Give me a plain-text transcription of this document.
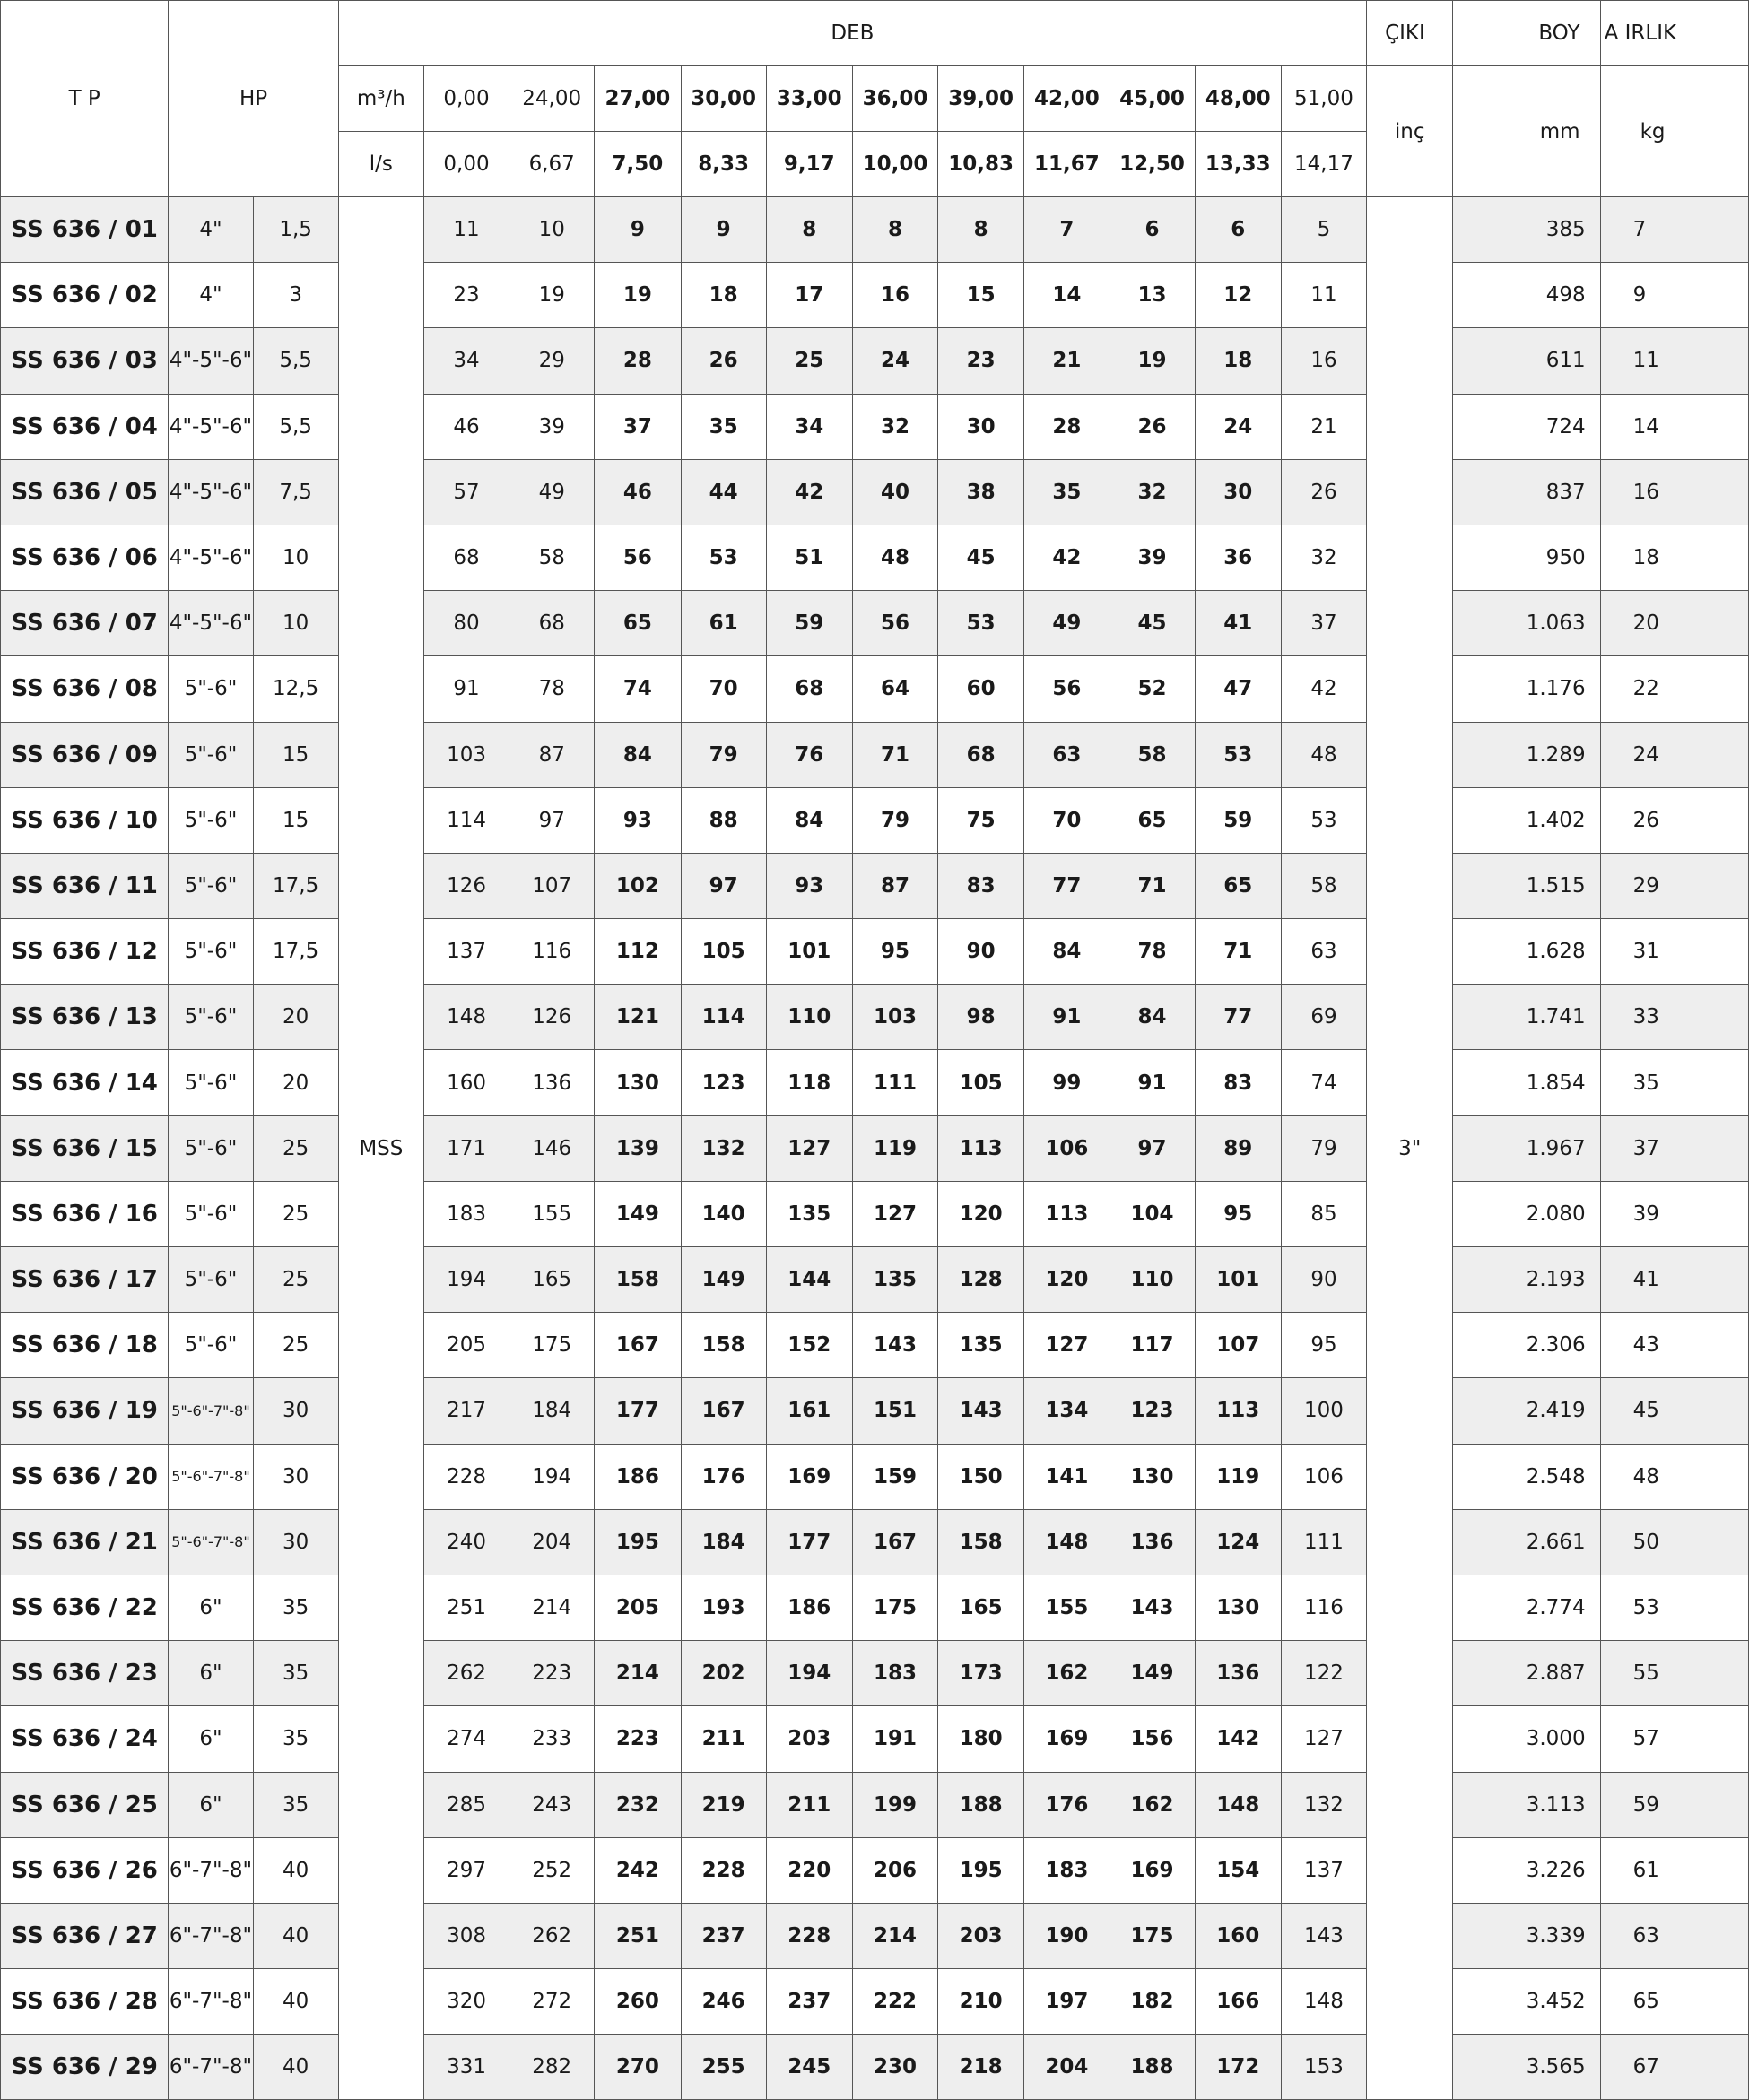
T P	HP		DEB												ÇIKI	BOY	A IRLIK
			m³/h	0,00	24,00	27,00	30,00	33,00	36,00	39,00	42,00	45,00	48,00	51,00	inç	mm	kg
			l/s	0,00	6,67	7,50	8,33	9,17	10,00	10,83	11,67	12,50	13,33	14,17			
SS 636 / 01	4"	1,5	MSS	11	10	9	9	8	8	8	7	6	6	5	3"	385	7
SS 636 / 02	4"	3		23	19	19	18	17	16	15	14	13	12	11		498	9
SS 636 / 03	4"-5"-6"	5,5		34	29	28	26	25	24	23	21	19	18	16		611	11
SS 636 / 04	4"-5"-6"	5,5		46	39	37	35	34	32	30	28	26	24	21		724	14
SS 636 / 05	4"-5"-6"	7,5		57	49	46	44	42	40	38	35	32	30	26		837	16
SS 636 / 06	4"-5"-6"	10		68	58	56	53	51	48	45	42	39	36	32		950	18
SS 636 / 07	4"-5"-6"	10		80	68	65	61	59	56	53	49	45	41	37		1.063	20
SS 636 / 08	5"-6"	12,5		91	78	74	70	68	64	60	56	52	47	42		1.176	22
SS 636 / 09	5"-6"	15		103	87	84	79	76	71	68	63	58	53	48		1.289	24
SS 636 / 10	5"-6"	15		114	97	93	88	84	79	75	70	65	59	53		1.402	26
SS 636 / 11	5"-6"	17,5		126	107	102	97	93	87	83	77	71	65	58		1.515	29
SS 636 / 12	5"-6"	17,5		137	116	112	105	101	95	90	84	78	71	63		1.628	31
SS 636 / 13	5"-6"	20		148	126	121	114	110	103	98	91	84	77	69		1.741	33
SS 636 / 14	5"-6"	20		160	136	130	123	118	111	105	99	91	83	74		1.854	35
SS 636 / 15	5"-6"	25		171	146	139	132	127	119	113	106	97	89	79		1.967	37
SS 636 / 16	5"-6"	25		183	155	149	140	135	127	120	113	104	95	85		2.080	39
SS 636 / 17	5"-6"	25		194	165	158	149	144	135	128	120	110	101	90		2.193	41
SS 636 / 18	5"-6"	25		205	175	167	158	152	143	135	127	117	107	95		2.306	43
SS 636 / 19	5"-6"-7"-8"	30		217	184	177	167	161	151	143	134	123	113	100		2.419	45
SS 636 / 20	5"-6"-7"-8"	30		228	194	186	176	169	159	150	141	130	119	106		2.548	48
SS 636 / 21	5"-6"-7"-8"	30		240	204	195	184	177	167	158	148	136	124	111		2.661	50
SS 636 / 22	6"	35		251	214	205	193	186	175	165	155	143	130	116		2.774	53
SS 636 / 23	6"	35		262	223	214	202	194	183	173	162	149	136	122		2.887	55
SS 636 / 24	6"	35		274	233	223	211	203	191	180	169	156	142	127		3.000	57
SS 636 / 25	6"	35		285	243	232	219	211	199	188	176	162	148	132		3.113	59
SS 636 / 26	6"-7"-8"	40		297	252	242	228	220	206	195	183	169	154	137		3.226	61
SS 636 / 27	6"-7"-8"	40		308	262	251	237	228	214	203	190	175	160	143		3.339	63
SS 636 / 28	6"-7"-8"	40		320	272	260	246	237	222	210	197	182	166	148		3.452	65
SS 636 / 29	6"-7"-8"	40		331	282	270	255	245	230	218	204	188	172	153		3.565	67
